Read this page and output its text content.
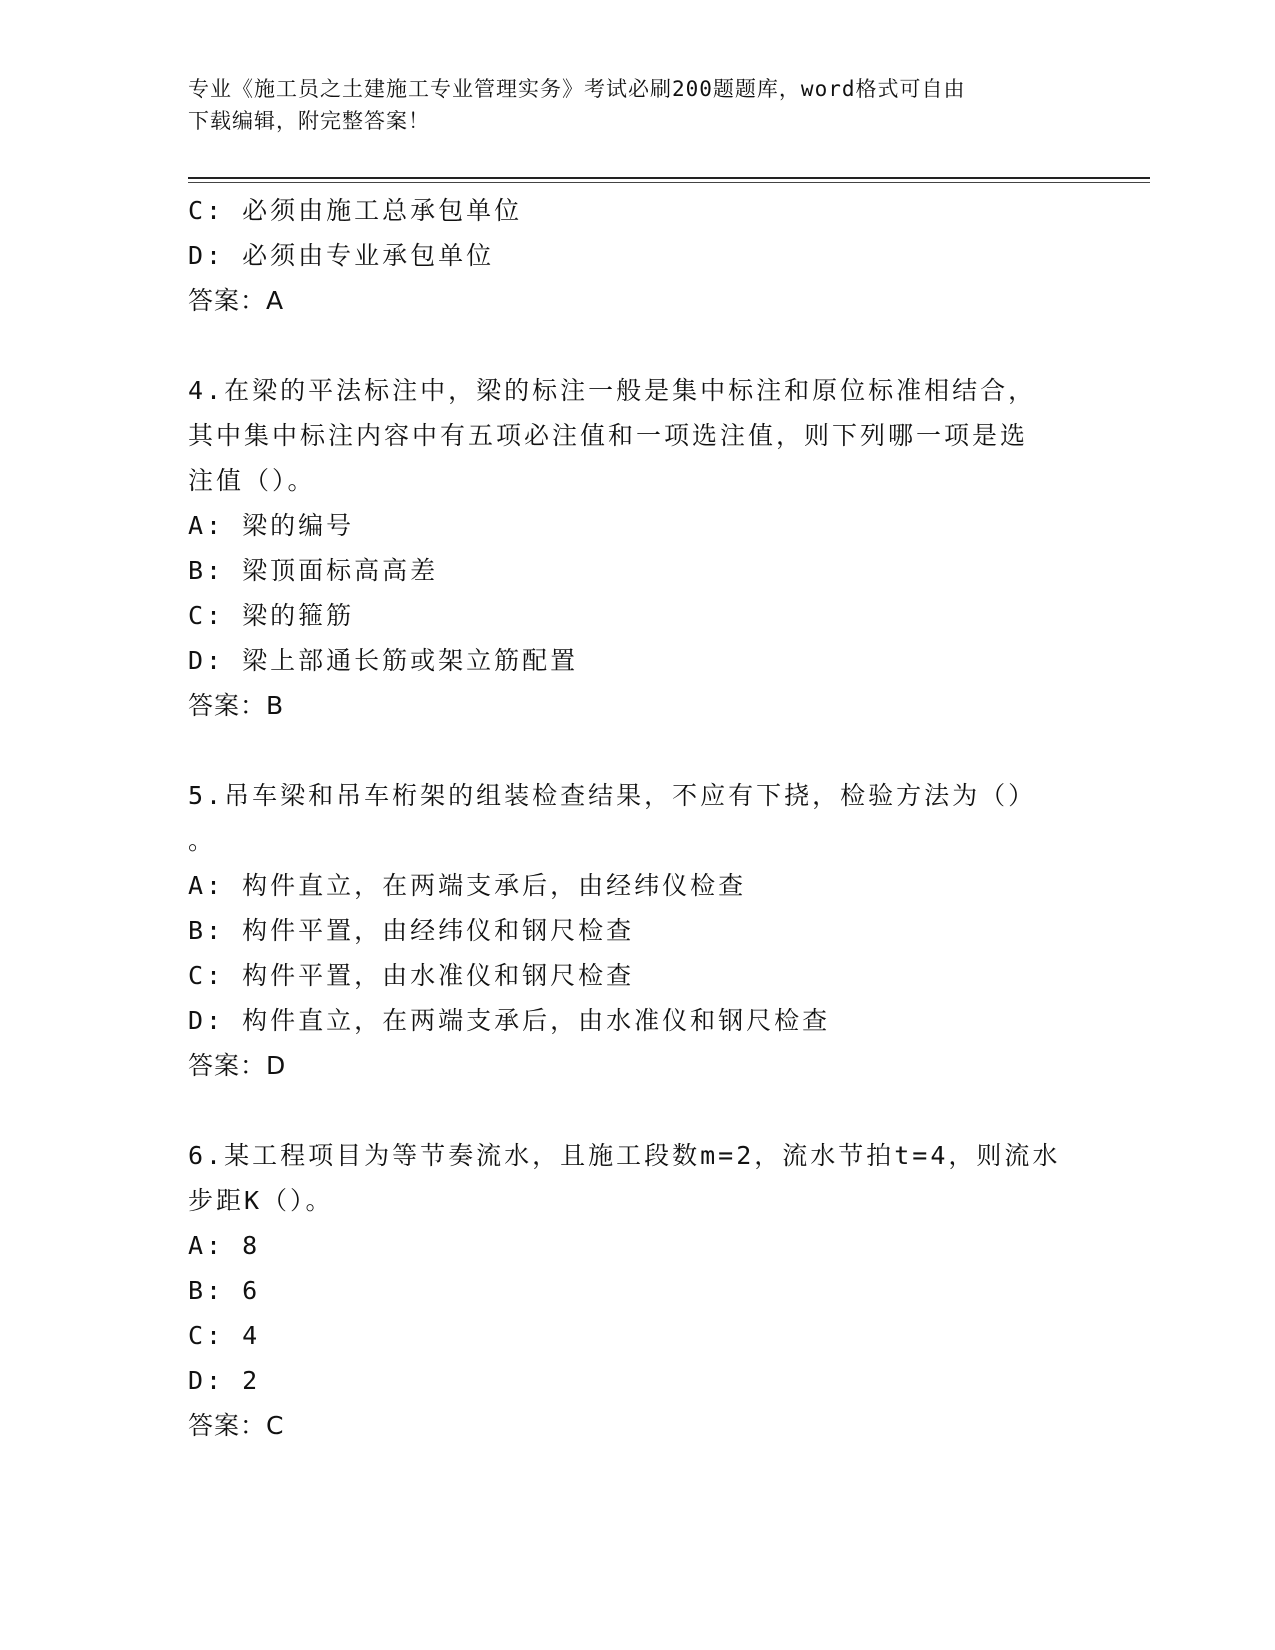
专业《施工员之土建施工专业管理实务》考试必刷200题题库，word格式可自由
下载编辑，附完整答案！
C: 必须由施工总承包单位
D: 必须由专业承包单位
答案：A
4.在梁的平法标注中，梁的标注一般是集中标注和原位标准相结合，
其中集中标注内容中有五项必注值和一项选注值，则下列哪一项是选
注值（）。
A: 梁的编号
B: 梁顶面标高高差
C: 梁的箍筋
D: 梁上部通长筋或架立筋配置
答案：B
5.吊车梁和吊车桁架的组装检查结果，不应有下挠，检验方法为（）
。
A: 构件直立，在两端支承后，由经纬仪检查
B: 构件平置，由经纬仪和钢尺检查
C: 构件平置，由水准仪和钢尺检查
D: 构件直立，在两端支承后，由水准仪和钢尺检查
答案：D
6.某工程项目为等节奏流水，且施工段数m=2，流水节拍t=4，则流水
步距K（）。
A: 8
B: 6
C: 4
D: 2
答案：C
